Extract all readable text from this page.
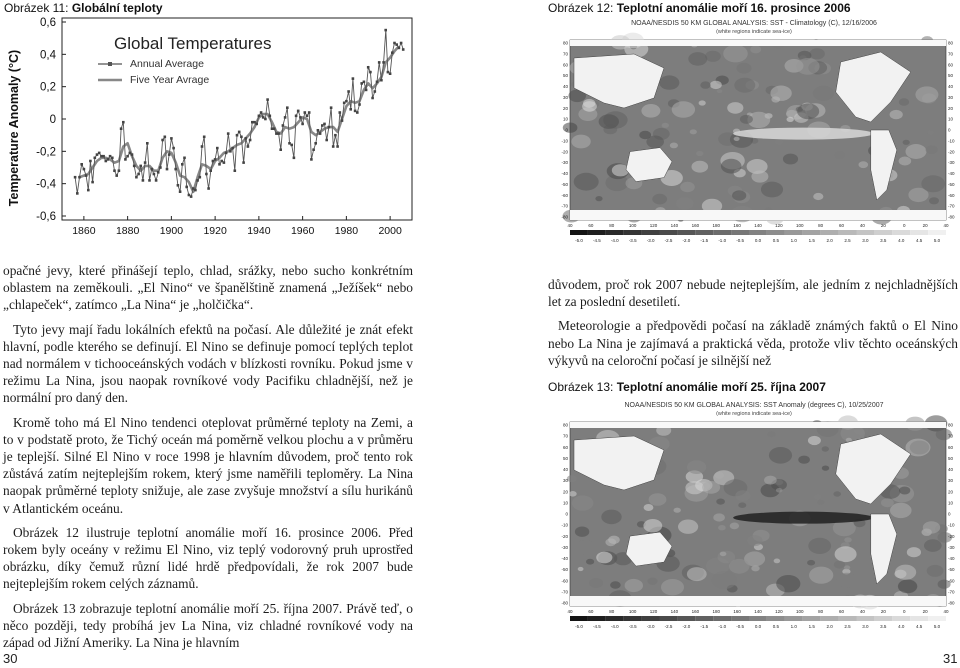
Obrázek 11: Globální teploty
Temperature Anomaly (°C)
Global Temperatures
Annual Average
Five Year Avrage
-0,6
-0,4
-0,2
0
0,2
0,4
0,6
1860 1880 1900 1920 1940 1960 1980 2000
Obrázek 12: Teplotní anomálie moří 16. prosince 2006
NOAA/NESDIS 50 KM GLOBAL ANALYSIS: SST - Climatology (C), 12/16/2006
(white regions indicate sea-ice)
40	60	80	100	120	140	160	180	160	140	120	100	80	60	40	20	0	20	40
80	80
70	70
60	60
50	50
40	40
30	30
20	20
10	10
0	0
-10	-10
-20	-20
-30	-30
-40	-40
-50	-50
-60	-60
-70	-70
-80	-80
-5.0 -4.5 -4.0 -3.5 -3.0 -2.5 -2.0 -1.5 -1.0 -0.5 0.0	0.5	1.0	1.5	2.0	2.5	3.0	3.5	4.0	4.5	5.0

opačné jevy, které přinášejí teplo, chlad, srážky, nebo sucho konkrétním oblastem na zeměkouli. „El Nino“ ve španělštině znamená „Ježíšek“ nebo „chlapeček“, zatímco „La Nina“ je „holčička“.

Tyto jevy mají řadu lokálních efektů na počasí. Ale důležité je znát efekt hlavní, podle kterého se definují. El Nino se definuje pomocí teplých teplot nad normálem v tichooceánských vodách v blízkosti rovníku. Pokud jsme v režimu La Nina, jsou naopak rovníkové vody Pacifiku chladnější, než je normální pro daný den.

Kromě toho má El Nino tendenci oteplovat průměrné teploty na Zemi, a to v podstatě proto, že Tichý oceán má poměrně velkou plochu a v průměru je teplejší. Silné El Nino v roce 1998 je hlavním důvodem, proč tento rok zůstává zatím nejteplejším rokem, který jsme naměřili teploměry. La Nina naopak průměrné teploty snižuje, ale zase zvyšuje množství a sílu hurikánů v Atlantickém oceánu.

Obrázek 12 ilustruje teplotní anomálie moří 16. prosince 2006. Před rokem byly oceány v režimu El Nino, viz teplý vodorovný pruh uprostřed obrázku, díky čemuž různí lidé hrdě předpovídali, že rok 2007 bude nejteplejším rokem celých záznamů.

Obrázek 13 zobrazuje teplotní anomálie moří 25. října 2007. Právě teď, o něco později, tedy probíhá jev La Nina, viz chladné rovníkové vody na západ od Jižní Ameriky. La Nina je hlavním

důvodem, proč rok 2007 nebude nejteplejším, ale jedním z nejchladnějších let za poslední desetiletí.

Meteorologie a předpovědi počasí na základě známých faktů o El Nino nebo La Nina je zajímavá a praktická věda, protože vliv těchto oceánských výkyvů na celoroční počasí je silnější než

Obrázek 13: Teplotní anomálie moří 25. října 2007
NOAA/NESDIS 50 KM GLOBAL ANALYSIS: SST Anomaly (degrees C), 10/25/2007
(white regions indicate sea-ice)
40	60	80	100	120	140	160	180	160	140	120	100	80	60	40	20	0	20	40
80	80
70	70
60	60
50	50
40	40
30	30
20	20
10	10
0	0
-10	-10
-20	-20
-30	-30
-40	-40
-50	-50
-60	-60
-70	-70
-80	-80
-5.0 -4.5 -4.0 -3.5 -3.0 -2.5 -2.0 -1.5 -1.0 -0.5 0.0	0.5	1.0	1.5	2.0	2.5	3.0	3.5	4.0	4.5	5.0
30	31
